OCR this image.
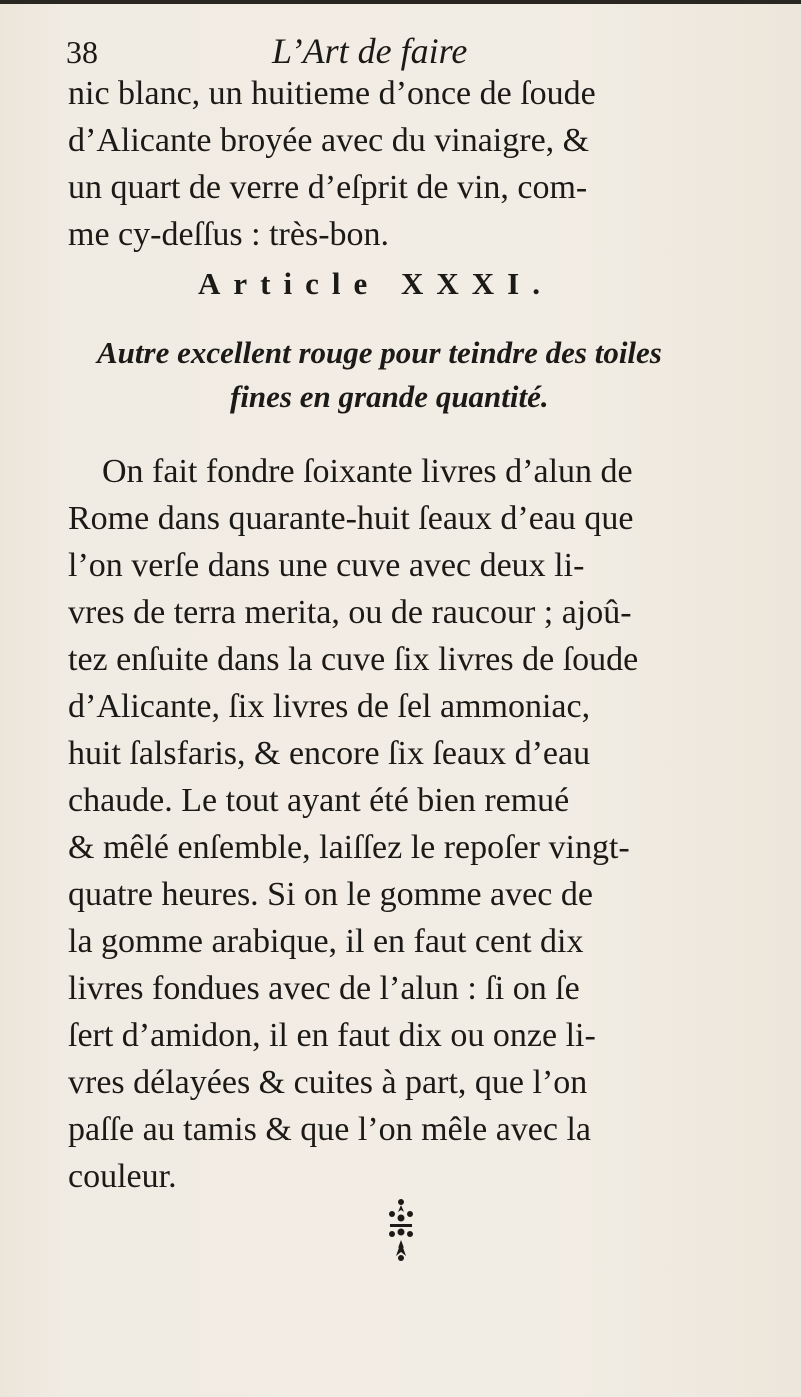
38	L’Art de faire
nic blanc, un huitieme d’once de ſoude
d’Alicante broyée avec du vinaigre, &
un quart de verre d’eſprit de vin, com-
me cy-deſſus : très-bon.
Article XXXI.
Autre excellent rouge pour teindre des toiles
fines en grande quantité.
On fait fondre ſoixante livres d’alun de
Rome dans quarante-huit ſeaux d’eau que
l’on verſe dans une cuve avec deux li-
vres de terra merita, ou de raucour ; ajoû-
tez enſuite dans la cuve ſix livres de ſoude
d’Alicante, ſix livres de ſel ammoniac,
huit ſalsfaris, & encore ſix ſeaux d’eau
chaude. Le tout ayant été bien remué
& mêlé enſemble, laiſſez le repoſer vingt-
quatre heures. Si on le gomme avec de
la gomme arabique, il en faut cent dix
livres fondues avec de l’alun : ſi on ſe
ſert d’amidon, il en faut dix ou onze li-
vres délayées & cuites à part, que l’on
paſſe au tamis & que l’on mêle avec la
couleur.
